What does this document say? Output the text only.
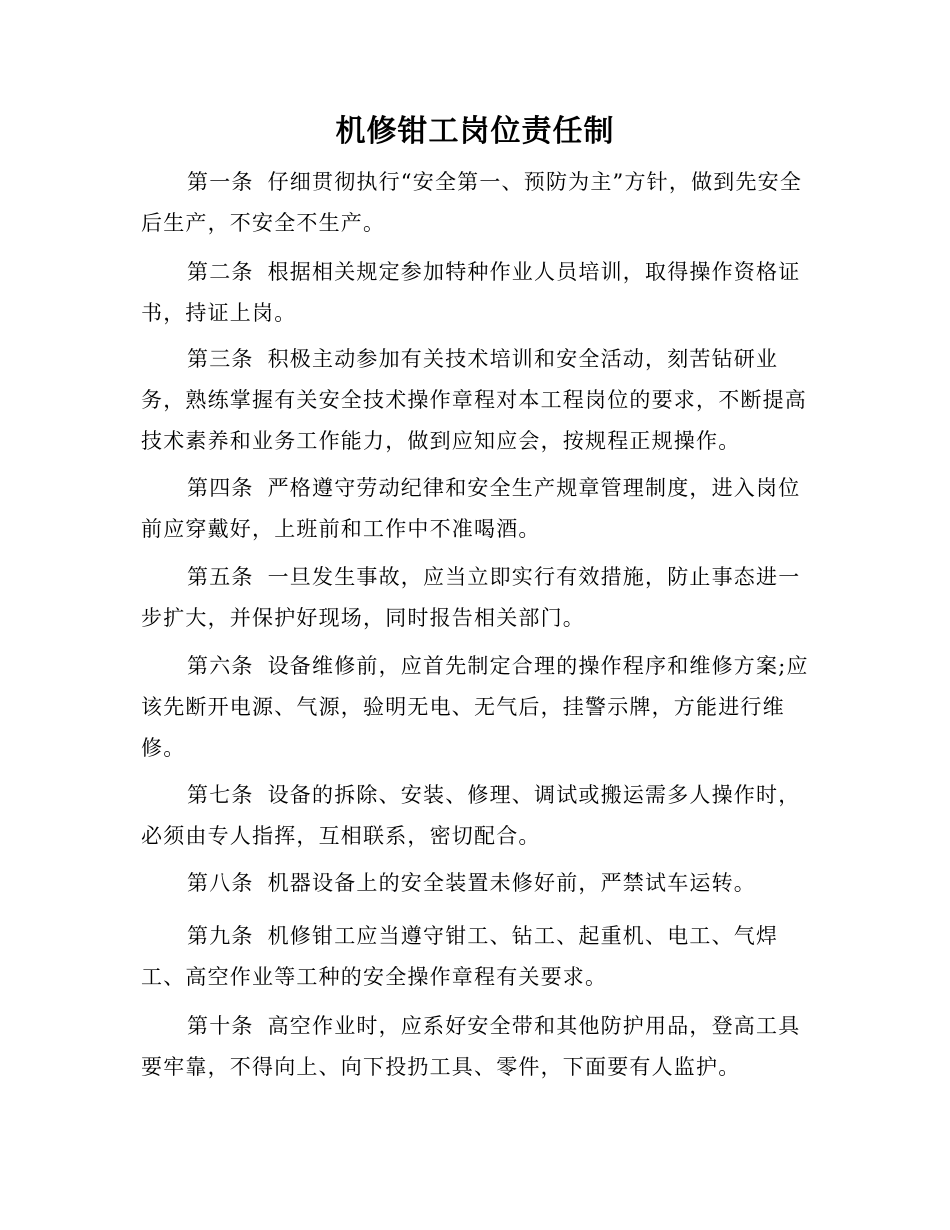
机修钳工岗位责任制

第一条 仔细贯彻执行“安全第一、预防为主”方针，做到先安全后生产，不安全不生产。

第二条 根据相关规定参加特种作业人员培训，取得操作资格证书，持证上岗。

第三条 积极主动参加有关技术培训和安全活动，刻苦钻研业务，熟练掌握有关安全技术操作章程对本工程岗位的要求，不断提高技术素养和业务工作能力，做到应知应会，按规程正规操作。

第四条 严格遵守劳动纪律和安全生产规章管理制度，进入岗位前应穿戴好，上班前和工作中不准喝酒。

第五条 一旦发生事故，应当立即实行有效措施，防止事态进一步扩大，并保护好现场，同时报告相关部门。

第六条 设备维修前，应首先制定合理的操作程序和维修方案;应该先断开电源、气源，验明无电、无气后，挂警示牌，方能进行维修。

第七条 设备的拆除、安装、修理、调试或搬运需多人操作时，必须由专人指挥，互相联系，密切配合。

第八条 机器设备上的安全装置未修好前，严禁试车运转。

第九条 机修钳工应当遵守钳工、钻工、起重机、电工、气焊工、高空作业等工种的安全操作章程有关要求。

第十条 高空作业时，应系好安全带和其他防护用品，登高工具要牢靠，不得向上、向下投扔工具、零件，下面要有人监护。
